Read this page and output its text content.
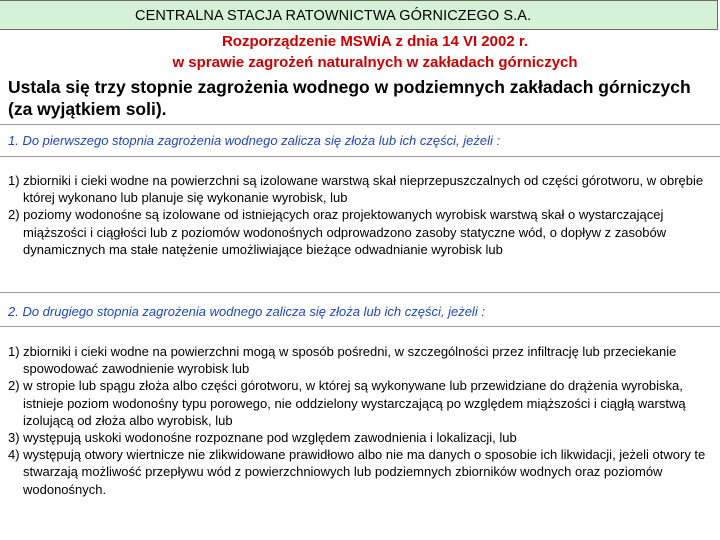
CENTRALNA STACJA RATOWNICTWA GÓRNICZEGO S.A.
Rozporządzenie MSWiA z dnia 14 VI 2002 r.
w sprawie zagrożeń naturalnych w zakładach górniczych
Ustala się trzy stopnie zagrożenia wodnego w podziemnych zakładach górniczych (za wyjątkiem soli).
1. Do pierwszego stopnia zagrożenia wodnego zalicza się złoża lub ich części, jeżeli :

1) zbiorniki i cieki wodne na powierzchni są izolowane warstwą skał nieprzepuszczalnych od części górotworu, w obrębie której wykonano lub planuje się wykonanie wyrobisk, lub

2) poziomy wodonośne są izolowane od istniejących oraz projektowanych wyrobisk warstwą skał o wystarczającej miąższości i ciągłości lub z poziomów wodonośnych odprowadzono zasoby statyczne wód, o dopływ z zasobów dynamicznych ma stałe natężenie umożliwiające bieżące odwadnianie wyrobisk lub

2. Do drugiego stopnia zagrożenia wodnego zalicza się złoża lub ich części, jeżeli :

1) zbiorniki i cieki wodne na powierzchni mogą w sposób pośredni, w szczególności przez infiltrację lub przeciekanie spowodować zawodnienie wyrobisk lub

2) w stropie lub spągu złoża albo części górotworu, w której są wykonywane lub przewidziane do drążenia wyrobiska, istnieje poziom wodonośny typu porowego, nie oddzielony wystarczającą po względem miąższości i ciągłą warstwą izolującą od złoża albo wyrobisk, lub

3) występują uskoki wodonośne rozpoznane pod względem zawodnienia i lokalizacji, lub

4) występują otwory wiertnicze nie zlikwidowane prawidłowo albo nie ma danych o sposobie ich likwidacji, jeżeli otwory te stwarzają możliwość przepływu wód z powierzchniowych lub podziemnych zbiorników wodnych oraz poziomów wodonośnych.
